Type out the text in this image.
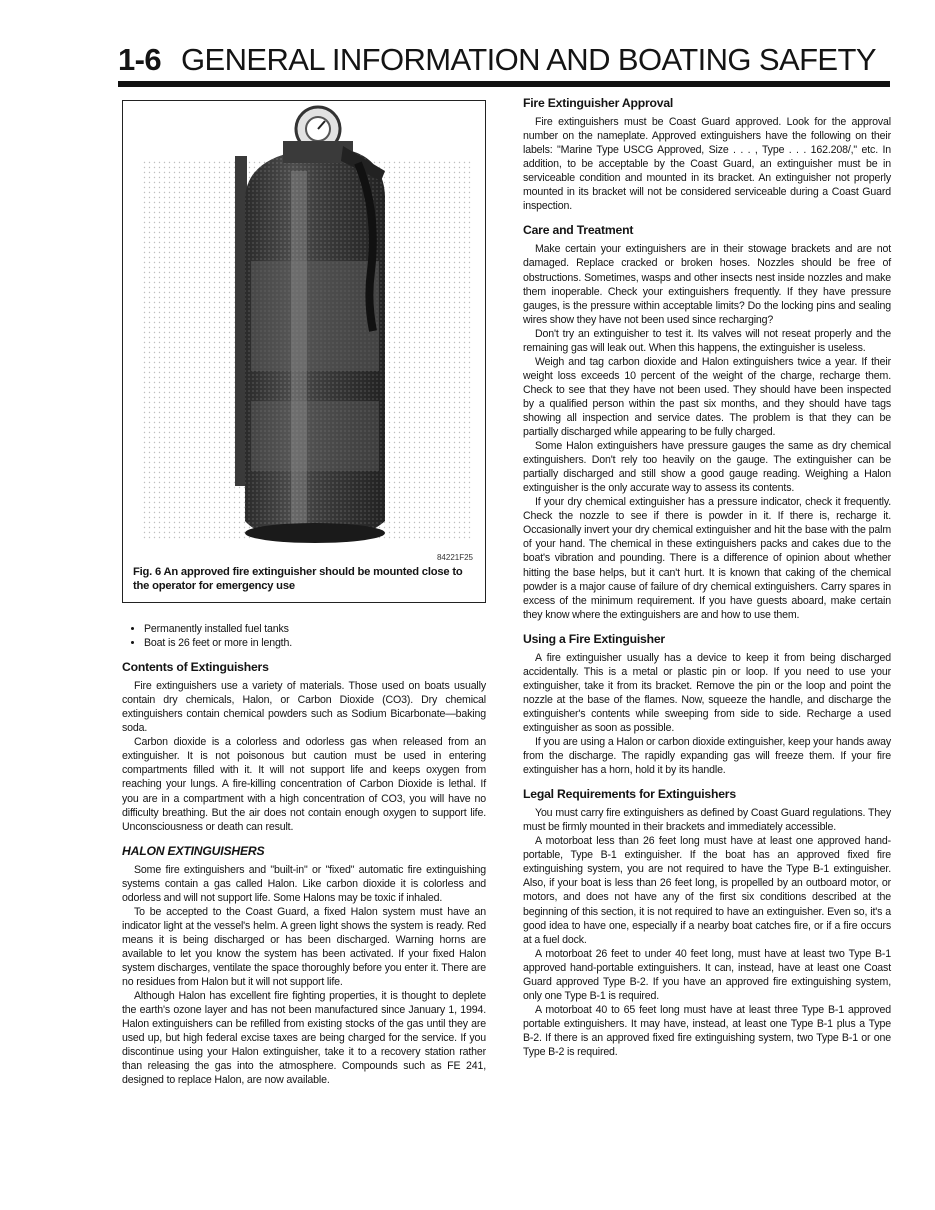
1-6 GENERAL INFORMATION AND BOATING SAFETY
84221F25
Fig. 6 An approved fire extinguisher should be mounted close to the operator for emergency use
• Permanently installed fuel tanks
• Boat is 26 feet or more in length.
Contents of Extinguishers

Fire extinguishers use a variety of materials. Those used on boats usually contain dry chemicals, Halon, or Carbon Dioxide (CO3). Dry chemical extinguishers contain chemical powders such as Sodium Bicarbonate—baking soda.

Carbon dioxide is a colorless and odorless gas when released from an extinguisher. It is not poisonous but caution must be used in entering compartments filled with it. It will not support life and keeps oxygen from reaching your lungs. A fire-killing concentration of Carbon Dioxide is lethal. If you are in a compartment with a high concentration of CO3, you will have no difficulty breathing. But the air does not contain enough oxygen to support life. Unconsciousness or death can result.

HALON EXTINGUISHERS

Some fire extinguishers and "built-in" or "fixed" automatic fire extinguishing systems contain a gas called Halon. Like carbon dioxide it is colorless and odorless and will not support life. Some Halons may be toxic if inhaled.

To be accepted to the Coast Guard, a fixed Halon system must have an indicator light at the vessel's helm. A green light shows the system is ready. Red means it is being discharged or has been discharged. Warning horns are available to let you know the system has been activated. If your fixed Halon system discharges, ventilate the space thoroughly before you enter it. There are no residues from Halon but it will not support life.

Although Halon has excellent fire fighting properties, it is thought to deplete the earth's ozone layer and has not been manufactured since January 1, 1994. Halon extinguishers can be refilled from existing stocks of the gas until they are used up, but high federal excise taxes are being charged for the service. If you discontinue using your Halon extinguisher, take it to a recovery station rather than releasing the gas into the atmosphere. Compounds such as FE 241, designed to replace Halon, are now available.

Fire Extinguisher Approval

Fire extinguishers must be Coast Guard approved. Look for the approval number on the nameplate. Approved extinguishers have the following on their labels: "Marine Type USCG Approved, Size . . . , Type . . . 162.208/," etc. In addition, to be acceptable by the Coast Guard, an extinguisher must be in serviceable condition and mounted in its bracket. An extinguisher not properly mounted in its bracket will not be considered serviceable during a Coast Guard inspection.

Care and Treatment

Make certain your extinguishers are in their stowage brackets and are not damaged. Replace cracked or broken hoses. Nozzles should be free of obstructions. Sometimes, wasps and other insects nest inside nozzles and make them inoperable. Check your extinguishers frequently. If they have pressure gauges, is the pressure within acceptable limits? Do the locking pins and sealing wires show they have not been used since recharging?

Don't try an extinguisher to test it. Its valves will not reseat properly and the remaining gas will leak out. When this happens, the extinguisher is useless.

Weigh and tag carbon dioxide and Halon extinguishers twice a year. If their weight loss exceeds 10 percent of the weight of the charge, recharge them. Check to see that they have not been used. They should have been inspected by a qualified person within the past six months, and they should have tags showing all inspection and service dates. The problem is that they can be partially discharged while appearing to be fully charged.

Some Halon extinguishers have pressure gauges the same as dry chemical extinguishers. Don't rely too heavily on the gauge. The extinguisher can be partially discharged and still show a good gauge reading. Weighing a Halon extinguisher is the only accurate way to assess its contents.

If your dry chemical extinguisher has a pressure indicator, check it frequently. Check the nozzle to see if there is powder in it. If there is, recharge it. Occasionally invert your dry chemical extinguisher and hit the base with the palm of your hand. The chemical in these extinguishers packs and cakes due to the boat's vibration and pounding. There is a difference of opinion about whether hitting the base helps, but it can't hurt. It is known that caking of the chemical powder is a major cause of failure of dry chemical extinguishers. Carry spares in excess of the minimum requirement. If you have guests aboard, make certain they know where the extinguishers are and how to use them.

Using a Fire Extinguisher

A fire extinguisher usually has a device to keep it from being discharged accidentally. This is a metal or plastic pin or loop. If you need to use your extinguisher, take it from its bracket. Remove the pin or the loop and point the nozzle at the base of the flames. Now, squeeze the handle, and discharge the extinguisher's contents while sweeping from side to side. Recharge a used extinguisher as soon as possible.

If you are using a Halon or carbon dioxide extinguisher, keep your hands away from the discharge. The rapidly expanding gas will freeze them. If your fire extinguisher has a horn, hold it by its handle.

Legal Requirements for Extinguishers

You must carry fire extinguishers as defined by Coast Guard regulations. They must be firmly mounted in their brackets and immediately accessible.

A motorboat less than 26 feet long must have at least one approved hand-portable, Type B-1 extinguisher. If the boat has an approved fixed fire extinguishing system, you are not required to have the Type B-1 extinguisher. Also, if your boat is less than 26 feet long, is propelled by an outboard motor, or motors, and does not have any of the first six conditions described at the beginning of this section, it is not required to have an extinguisher. Even so, it's a good idea to have one, especially if a nearby boat catches fire, or if a fire occurs at a fuel dock.

A motorboat 26 feet to under 40 feet long, must have at least two Type B-1 approved hand-portable extinguishers. It can, instead, have at least one Coast Guard approved Type B-2. If you have an approved fire extinguishing system, only one Type B-1 is required.

A motorboat 40 to 65 feet long must have at least three Type B-1 approved portable extinguishers. It may have, instead, at least one Type B-1 plus a Type B-2. If there is an approved fixed fire extinguishing system, two Type B-1 or one Type B-2 is required.
